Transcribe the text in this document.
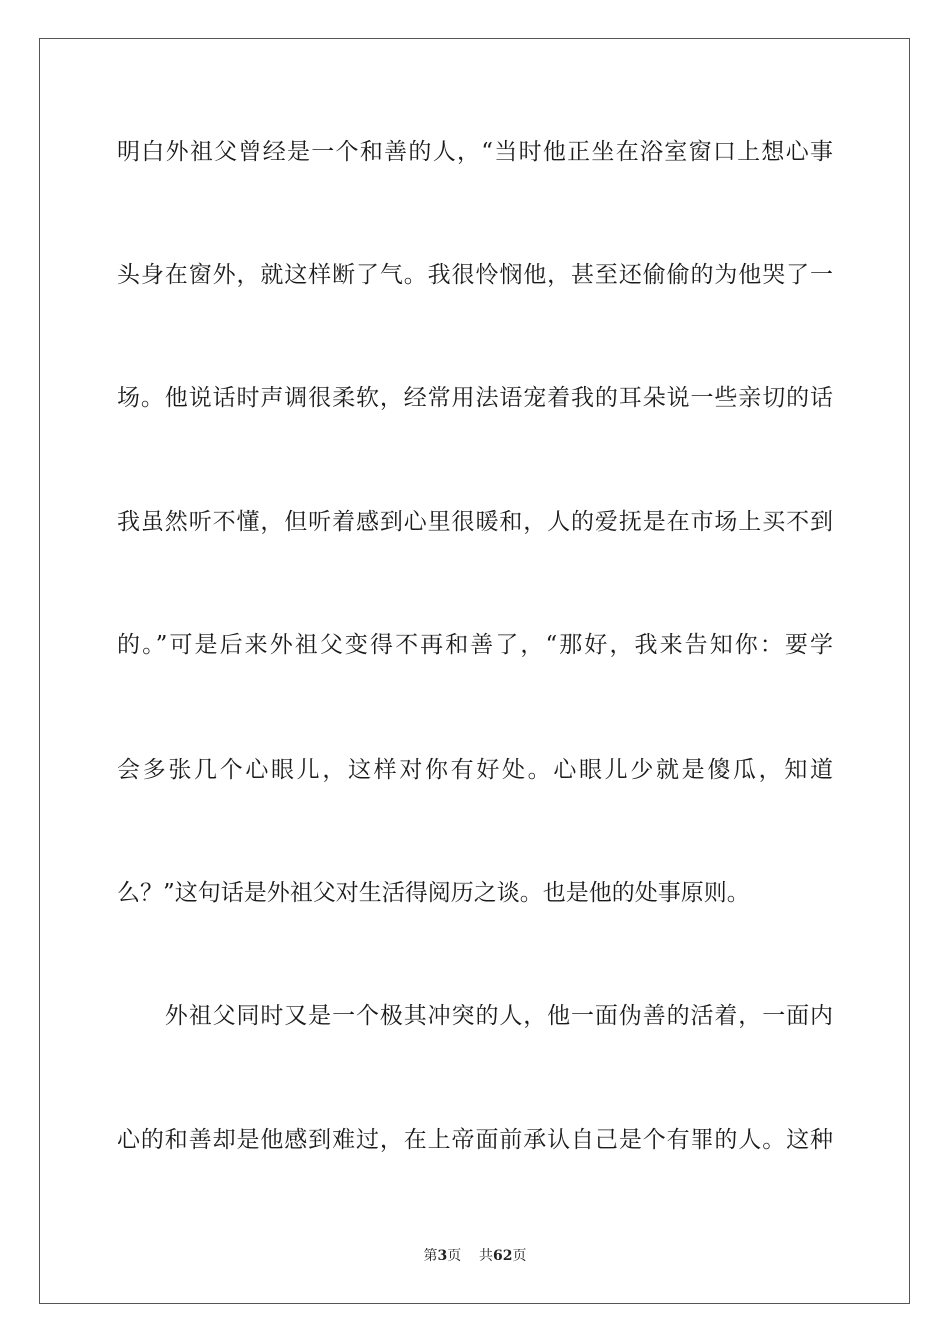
明白外祖父曾经是一个和善的人，“当时他正坐在浴室窗口上想心事
头身在窗外，就这样断了气。我很怜悯他，甚至还偷偷的为他哭了一
场。他说话时声调很柔软，经常用法语宠着我的耳朵说一些亲切的话
我虽然听不懂，但听着感到心里很暖和，人的爱抚是在市场上买不到
的。”可是后来外祖父变得不再和善了，“那好，我来告知你：要学
会多张几个心眼儿，这样对你有好处。心眼儿少就是傻瓜，知道
么？”这句话是外祖父对生活得阅历之谈。也是他的处事原则。
　　外祖父同时又是一个极其冲突的人，他一面伪善的活着，一面内
心的和善却是他感到难过，在上帝面前承认自己是个有罪的人。这种
第3页 共62页
